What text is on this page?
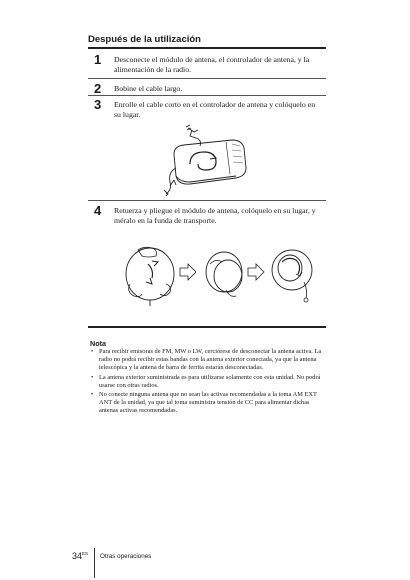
Después de la utilización
1 Desconecte el módulo de antena, el controlador de antena, y la alimentación de la radio.
2 Bobine el cable largo.
3 Enrolle el cable corto en el controlador de antena y colóquelo en su lugar.
4 Retuerza y pliegue el módulo de antena, colóquelo en su lugar, y méralo en la funda de transporte.
Nota
• Para recibir emisoras de FM, MW o LW, cerciórese de desconectar la antena activa. La radio no podrá recibir estas bandas con la antena exterior conectada, ya que la antena telescópica y la antena de barra de ferrita estarán desconectadas.
• La antena exterior suministrada es para utilizarse solamente con esta unidad. No podrá usarse con otras radios.
• No conecte ninguna antena que no sean las activas recomendadas a la toma AM EXT ANT de la unidad, ya que tal toma suministra tensión de CC para alimentar dichas antenas activas recomendadas.
$34^{ES}$ Otras operaciones
